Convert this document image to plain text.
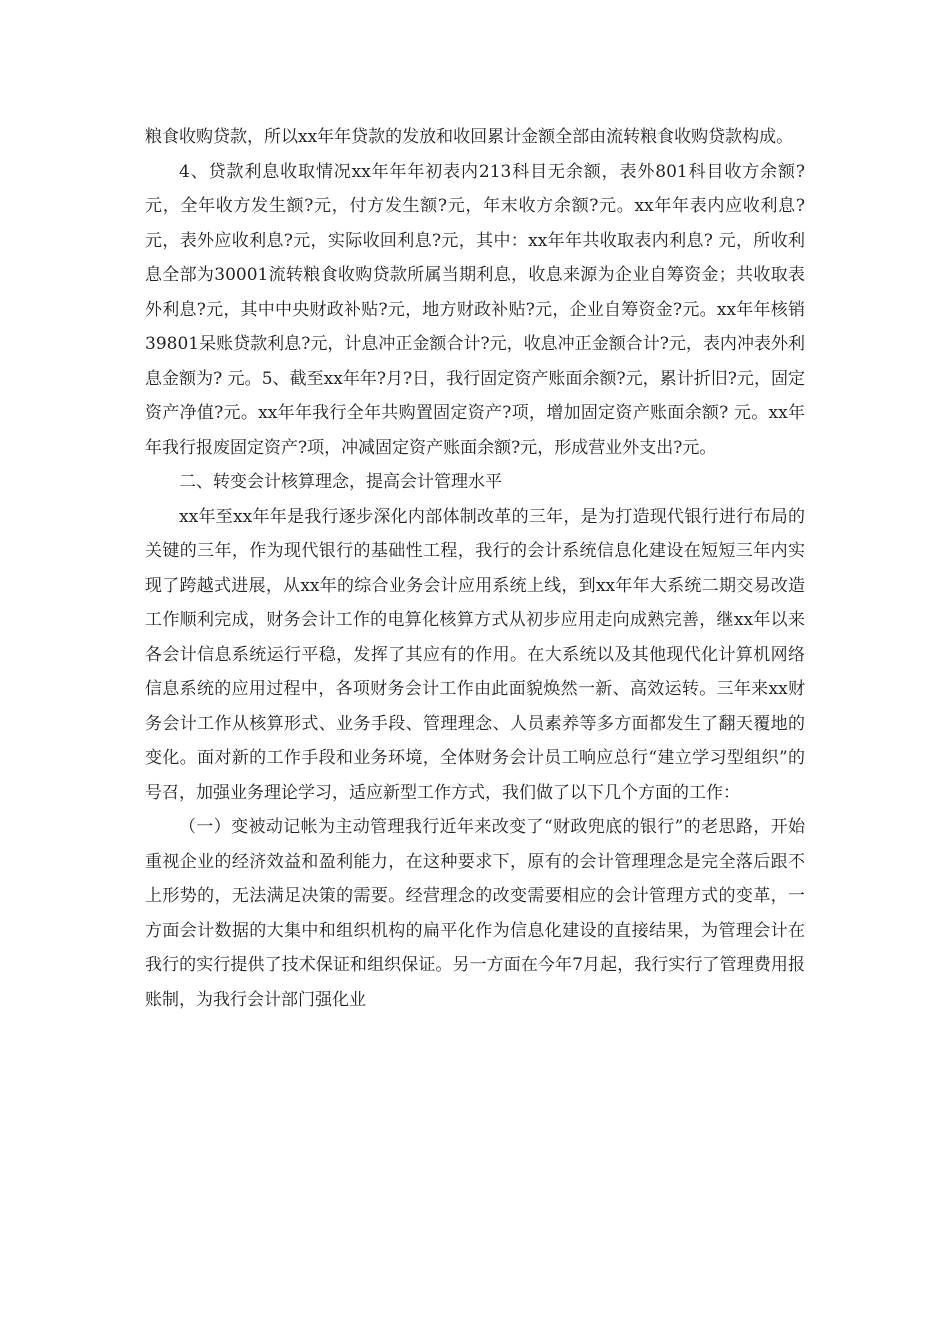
粮食收购贷款，所以xx年年贷款的发放和收回累计金额全部由流转粮食收购贷款构成。

4、贷款利息收取情况xx年年年初表内213科目无余额，表外801科目收方余额?元，全年收方发生额?元，付方发生额?元，年末收方余额?元。xx年年表内应收利息?元，表外应收利息?元，实际收回利息?元，其中：xx年年共收取表内利息? 元，所收利息全部为30001流转粮食收购贷款所属当期利息，收息来源为企业自筹资金；共收取表外利息?元，其中中央财政补贴?元，地方财政补贴?元，企业自筹资金?元。xx年年核销39801呆账贷款利息?元，计息冲正金额合计?元，收息冲正金额合计?元，表内冲表外利息金额为? 元。5、截至xx年年?月?日，我行固定资产账面余额?元，累计折旧?元，固定资产净值?元。xx年年我行全年共购置固定资产?项，增加固定资产账面余额? 元。xx年年我行报废固定资产?项，冲减固定资产账面余额?元，形成营业外支出?元。

二、转变会计核算理念，提高会计管理水平

xx年至xx年年是我行逐步深化内部体制改革的三年，是为打造现代银行进行布局的关键的三年，作为现代银行的基础性工程，我行的会计系统信息化建设在短短三年内实现了跨越式进展，从xx年的综合业务会计应用系统上线，到xx年年大系统二期交易改造工作顺利完成，财务会计工作的电算化核算方式从初步应用走向成熟完善，继xx年以来各会计信息系统运行平稳，发挥了其应有的作用。在大系统以及其他现代化计算机网络信息系统的应用过程中，各项财务会计工作由此面貌焕然一新、高效运转。三年来xx财务会计工作从核算形式、业务手段、管理理念、人员素养等多方面都发生了翻天覆地的变化。面对新的工作手段和业务环境，全体财务会计员工响应总行“建立学习型组织”的号召，加强业务理论学习，适应新型工作方式，我们做了以下几个方面的工作：

（一）变被动记帐为主动管理我行近年来改变了“财政兜底的银行”的老思路，开始重视企业的经济效益和盈利能力，在这种要求下，原有的会计管理理念是完全落后跟不上形势的，无法满足决策的需要。经营理念的改变需要相应的会计管理方式的变革，一方面会计数据的大集中和组织机构的扁平化作为信息化建设的直接结果，为管理会计在我行的实行提供了技术保证和组织保证。另一方面在今年7月起，我行实行了管理费用报账制，为我行会计部门强化业
